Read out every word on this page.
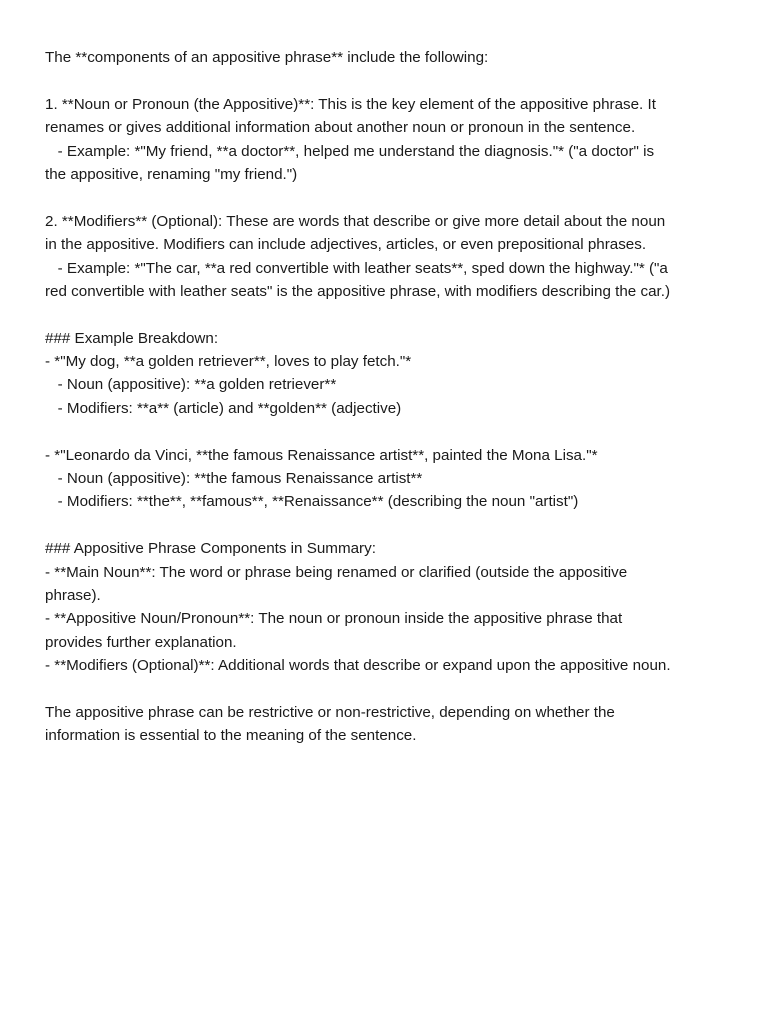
The **components of an appositive phrase** include the following:
1. **Noun or Pronoun (the Appositive)**: This is the key element of the appositive phrase. It
renames or gives additional information about another noun or pronoun in the sentence.
- Example: *"My friend, **a doctor**, helped me understand the diagnosis."* ("a doctor" is
the appositive, renaming "my friend.")
2. **Modifiers** (Optional): These are words that describe or give more detail about the noun
in the appositive. Modifiers can include adjectives, articles, or even prepositional phrases.
- Example: *"The car, **a red convertible with leather seats**, sped down the highway."* ("a
red convertible with leather seats" is the appositive phrase, with modifiers describing the car.)
### Example Breakdown:
- *"My dog, **a golden retriever**, loves to play fetch."*
- Noun (appositive): **a golden retriever**
- Modifiers: **a** (article) and **golden** (adjective)
- *"Leonardo da Vinci, **the famous Renaissance artist**, painted the Mona Lisa."*
- Noun (appositive): **the famous Renaissance artist**
- Modifiers: **the**, **famous**, **Renaissance** (describing the noun "artist")
### Appositive Phrase Components in Summary:
- **Main Noun**: The word or phrase being renamed or clarified (outside the appositive
phrase).
- **Appositive Noun/Pronoun**: The noun or pronoun inside the appositive phrase that
provides further explanation.
- **Modifiers (Optional)**: Additional words that describe or expand upon the appositive noun.
The appositive phrase can be restrictive or non-restrictive, depending on whether the
information is essential to the meaning of the sentence.
